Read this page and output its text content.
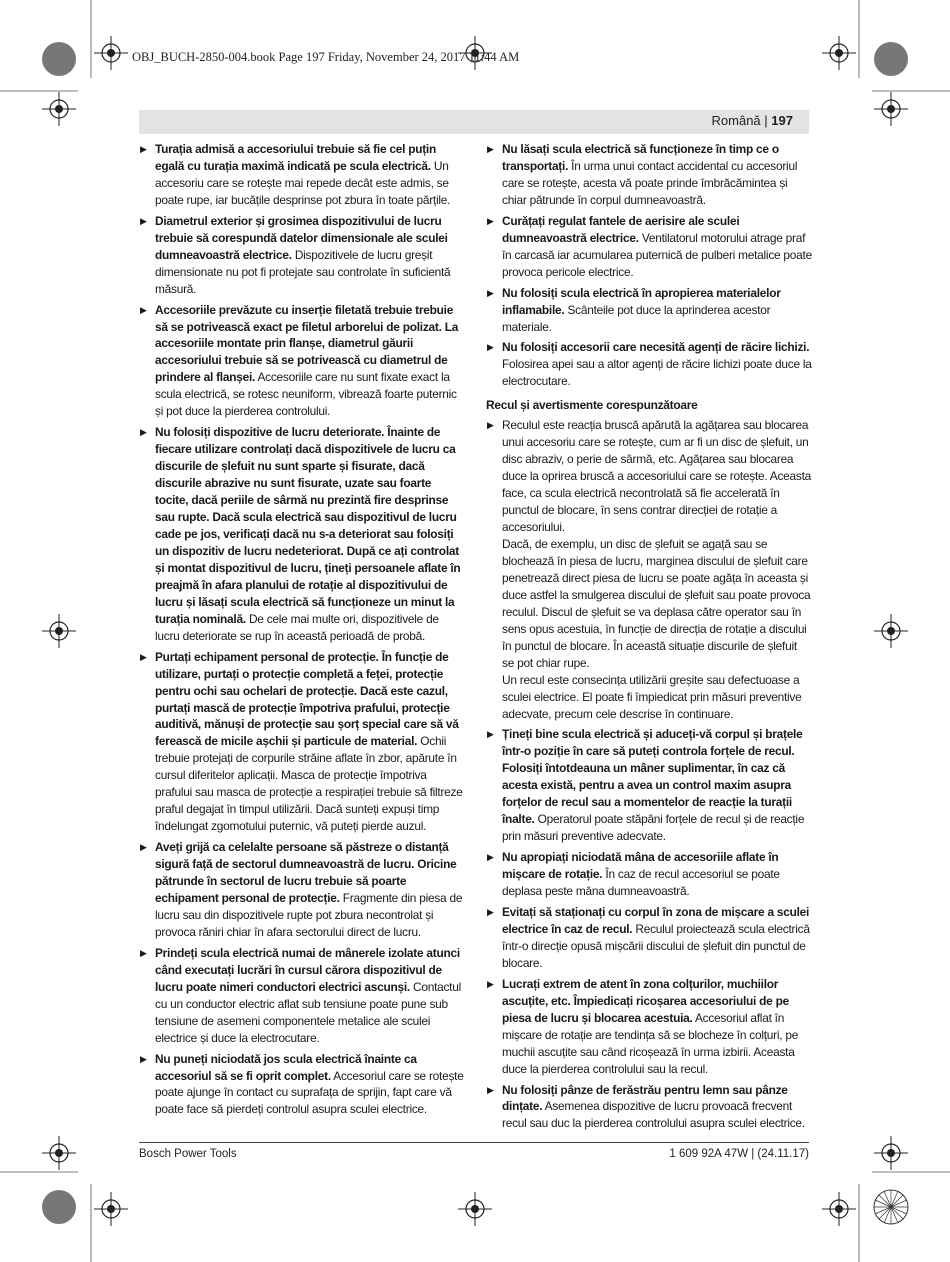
OBJ_BUCH-2850-004.book Page 197 Friday, November 24, 2017 11:44 AM
Română | 197
▶ Turația admisă a accesoriului trebuie să fie cel puțin egală cu turația maximă indicată pe scula electrică. Un accesoriu care se rotește mai repede decât este admis, se poate rupe, iar bucățile desprinse pot zbura în toate părțile.

▶ Diametrul exterior și grosimea dispozitivului de lucru trebuie să corespundă datelor dimensionale ale sculei dumneavoastră electrice. Dispozitivele de lucru greșit dimensionate nu pot fi protejate sau controlate în suficientă măsură.

▶ Accesoriile prevăzute cu inserție filetată trebuie trebuie să se potrivească exact pe filetul arborelui de polizat. La accesoriile montate prin flanșe, diametrul găurii accesoriului trebuie să se potrivească cu diametrul de prindere al flanșei. Accesoriile care nu sunt fixate exact la scula electrică, se rotesc neuniform, vibrează foarte puternic și pot duce la pierderea controlului.

▶ Nu folosiți dispozitive de lucru deteriorate. Înainte de fiecare utilizare controlați dacă dispozitivele de lucru ca discurile de șlefuit nu sunt sparte și fisurate, dacă discurile abrazive nu sunt fisurate, uzate sau foarte tocite, dacă periile de sârmă nu prezintă fire desprinse sau rupte. Dacă scula electrică sau dispozitivul de lucru cade pe jos, verificați dacă nu s-a deteriorat sau folosiți un dispozitiv de lucru nedeteriorat. După ce ați controlat și montat dispozitivul de lucru, țineți persoanele aflate în preajmă în afara planului de rotație al dispozitivului de lucru și lăsați scula electrică să funcționeze un minut la turația nominală. De cele mai multe ori, dispozitivele de lucru deteriorate se rup în această perioadă de probă.

▶ Purtați echipament personal de protecție. În funcție de utilizare, purtați o protecție completă a feței, protecție pentru ochi sau ochelari de protecție. Dacă este cazul, purtați mască de protecție împotriva prafului, protecție auditivă, mănuși de protecție sau șorț special care să vă ferească de micile așchii și particule de material. Ochii trebuie protejați de corpurile străine aflate în zbor, apărute în cursul diferitelor aplicații. Masca de protecție împotriva prafului sau masca de protecție a respirației trebuie să filtreze praful degajat în timpul utilizării. Dacă sunteți expuși timp îndelungat zgomotului puternic, vă puteți pierde auzul.

▶ Aveți grijă ca celelalte persoane să păstreze o distanță sigură față de sectorul dumneavoastră de lucru. Oricine pătrunde în sectorul de lucru trebuie să poarte echipament personal de protecție. Fragmente din piesa de lucru sau din dispozitivele rupte pot zbura necontrolat și provoca răniri chiar în afara sectorului direct de lucru.

▶ Prindeți scula electrică numai de mânerele izolate atunci când executați lucrări în cursul cărora dispozitivul de lucru poate nimeri conductori electrici ascunși. Contactul cu un conductor electric aflat sub tensiune poate pune sub tensiune de asemeni componentele metalice ale sculei electrice și duce la electrocutare.

▶ Nu puneți niciodată jos scula electrică înainte ca accesoriul să se fi oprit complet. Accesoriul care se rotește poate ajunge în contact cu suprafața de sprijin, fapt care vă poate face să pierdeți controlul asupra sculei electrice.

▶ Nu lăsați scula electrică să funcționeze în timp ce o transportați. În urma unui contact accidental cu accesoriul care se rotește, acesta vă poate prinde îmbrăcămintea și chiar pătrunde în corpul dumneavoastră.

▶ Curățați regulat fantele de aerisire ale sculei dumneavoastră electrice. Ventilatorul motorului atrage praf în carcasă iar acumularea puternică de pulberi metalice poate provoca pericole electrice.

▶ Nu folosiți scula electrică în apropierea materialelor inflamabile. Scânteile pot duce la aprinderea acestor materiale.

▶ Nu folosiți accesorii care necesită agenți de răcire lichizi. Folosirea apei sau a altor agenți de răcire lichizi poate duce la electrocutare.

Recul și avertismente corespunzătoare
▶ Reculul este reacția bruscă apărută la agățarea sau blocarea unui accesoriu care se rotește, cum ar fi un disc de șlefuit, un disc abraziv, o perie de sârmă, etc. Agățarea sau blocarea duce la oprirea bruscă a accesoriului care se rotește. Aceasta face, ca scula electrică necontrolată să fie accelerată în punctul de blocare, în sens contrar direcției de rotație a accesoriului.

Dacă, de exemplu, un disc de șlefuit se agață sau se blochează în piesa de lucru, marginea discului de șlefuit care penetrează direct piesa de lucru se poate agăța în aceasta și duce astfel la smulgerea discului de șlefuit sau poate provoca reculul. Discul de șlefuit se va deplasa către operator sau în sens opus acestuia, în funcție de direcția de rotație a discului în punctul de blocare. În această situație discurile de șlefuit se pot chiar rupe.

Un recul este consecința utilizării greșite sau defectuoase a sculei electrice. El poate fi împiedicat prin măsuri preventive adecvate, precum cele descrise în continuare.

▶ Țineți bine scula electrică și aduceți-vă corpul și brațele într-o poziție în care să puteți controla forțele de recul. Folosiți întotdeauna un mâner suplimentar, în caz că acesta există, pentru a avea un control maxim asupra forțelor de recul sau a momentelor de reacție la turații înalte. Operatorul poate stăpâni forțele de recul și de reacție prin măsuri preventive adecvate.

▶ Nu apropiați niciodată mâna de accesoriile aflate în mișcare de rotație. În caz de recul accesoriul se poate deplasa peste mâna dumneavoastră.

▶ Evitați să staționați cu corpul în zona de mișcare a sculei electrice în caz de recul. Reculul proiectează scula electrică într-o direcție opusă mișcării discului de șlefuit din punctul de blocare.

▶ Lucrați extrem de atent în zona colțurilor, muchiilor ascuțite, etc. Împiedicați ricoșarea accesoriului de pe piesa de lucru și blocarea acestuia. Accesoriul aflat în mișcare de rotație are tendința să se blocheze în colțuri, pe muchii ascuțite sau când ricoșează în urma izbirii. Aceasta duce la pierderea controlului sau la recul.

▶ Nu folosiți pânze de ferăstrău pentru lemn sau pânze dințate. Asemenea dispozitive de lucru provoacă frecvent recul sau duc la pierderea controlului asupra sculei electrice.

Bosch Power Tools	1 609 92A 47W | (24.11.17)
